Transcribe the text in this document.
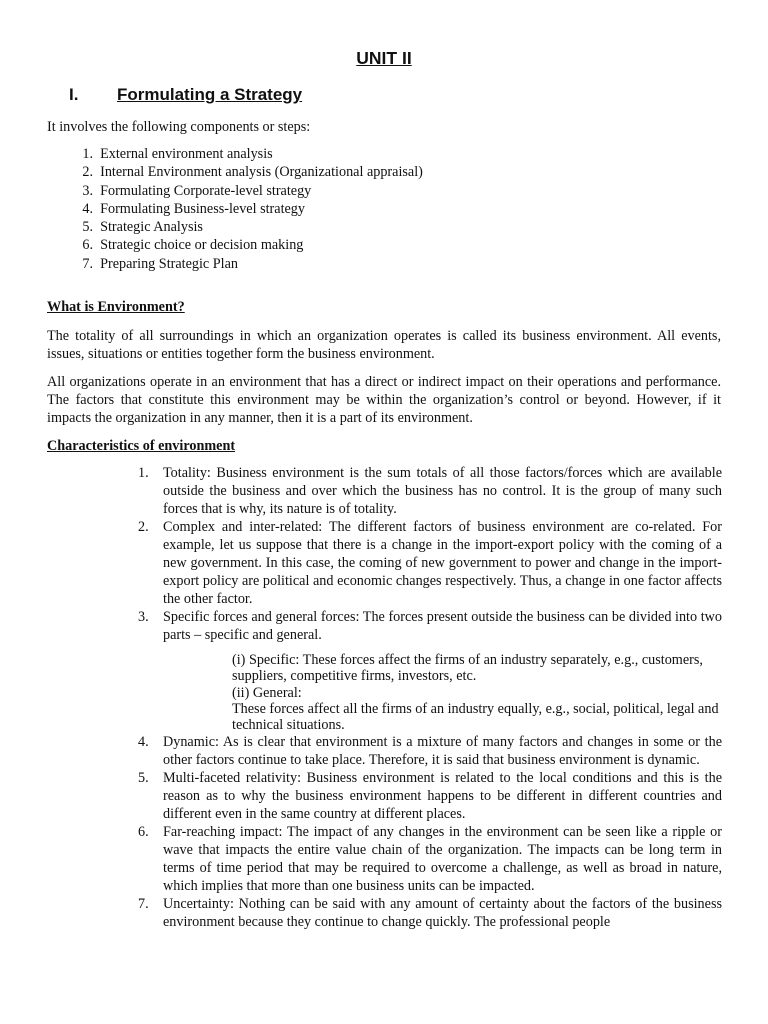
UNIT II
I. Formulating a Strategy
It involves the following components or steps:
1. External environment analysis
2. Internal Environment analysis (Organizational appraisal)
3. Formulating Corporate-level strategy
4. Formulating Business-level strategy
5. Strategic Analysis
6. Strategic choice or decision making
7. Preparing Strategic Plan
What is Environment?
The totality of all surroundings in which an organization operates is called its business environment. All events, issues, situations or entities together form the business environment.
All organizations operate in an environment that has a direct or indirect impact on their operations and performance. The factors that constitute this environment may be within the organization’s control or beyond. However, if it impacts the organization in any manner, then it is a part of its environment.
Characteristics of environment
1.	Totality: Business environment is the sum totals of all those factors/forces which are available outside the business and over which the business has no control. It is the group of many such forces that is why, its nature is of totality.
2.	Complex and inter-related: The different factors of business environment are co-related. For example, let us suppose that there is a change in the import-export policy with the coming of a new government. In this case, the coming of new government to power and change in the import-export policy are political and economic changes respectively. Thus, a change in one factor affects the other factor.
3.	Specific forces and general forces: The forces present outside the business can be divided into two parts – specific and general.
(i) Specific: These forces affect the firms of an industry separately, e.g., customers, suppliers, competitive firms, investors, etc.
(ii) General:
These forces affect all the firms of an industry equally, e.g., social, political, legal and technical situations.
4.	Dynamic: As is clear that environment is a mixture of many factors and changes in some or the other factors continue to take place. Therefore, it is said that business environment is dynamic.
5.	Multi-faceted relativity: Business environment is related to the local conditions and this is the reason as to why the business environment happens to be different in different countries and different even in the same country at different places.
6.	Far-reaching impact: The impact of any changes in the environment can be seen like a ripple or wave that impacts the entire value chain of the organization. The impacts can be long term in terms of time period that may be required to overcome a challenge, as well as broad in nature, which implies that more than one business units can be impacted.
7.	Uncertainty: Nothing can be said with any amount of certainty about the factors of the business environment because they continue to change quickly. The professional people
